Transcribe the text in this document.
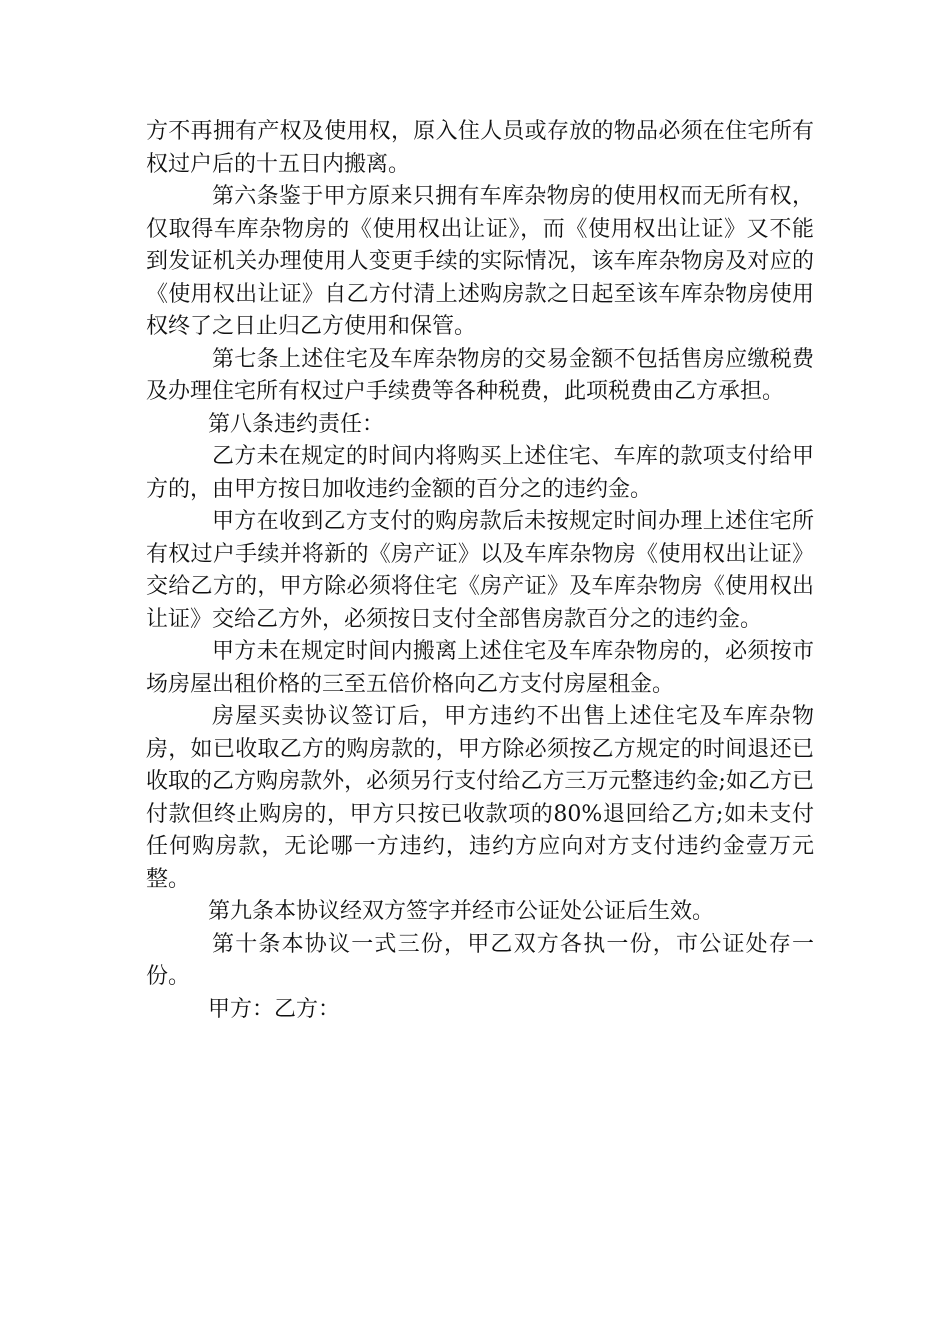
方不再拥有产权及使用权，原入住人员或存放的物品必须在住宅所有权过户后的十五日内搬离。

第六条鉴于甲方原来只拥有车库杂物房的使用权而无所有权，仅取得车库杂物房的《使用权出让证》，而《使用权出让证》又不能到发证机关办理使用人变更手续的实际情况，该车库杂物房及对应的《使用权出让证》自乙方付清上述购房款之日起至该车库杂物房使用权终了之日止归乙方使用和保管。

第七条上述住宅及车库杂物房的交易金额不包括售房应缴税费及办理住宅所有权过户手续费等各种税费，此项税费由乙方承担。

第八条违约责任：

乙方未在规定的时间内将购买上述住宅、车库的款项支付给甲方的，由甲方按日加收违约金额的百分之的违约金。

甲方在收到乙方支付的购房款后未按规定时间办理上述住宅所有权过户手续并将新的《房产证》以及车库杂物房《使用权出让证》交给乙方的，甲方除必须将住宅《房产证》及车库杂物房《使用权出让证》交给乙方外，必须按日支付全部售房款百分之的违约金。

甲方未在规定时间内搬离上述住宅及车库杂物房的，必须按市场房屋出租价格的三至五倍价格向乙方支付房屋租金。

房屋买卖协议签订后，甲方违约不出售上述住宅及车库杂物房，如已收取乙方的购房款的，甲方除必须按乙方规定的时间退还已收取的乙方购房款外，必须另行支付给乙方三万元整违约金;如乙方已付款但终止购房的，甲方只按已收款项的80%退回给乙方;如未支付任何购房款，无论哪一方违约，违约方应向对方支付违约金壹万元整。

第九条本协议经双方签字并经市公证处公证后生效。

第十条本协议一式三份，甲乙双方各执一份，市公证处存一份。

甲方：乙方：
